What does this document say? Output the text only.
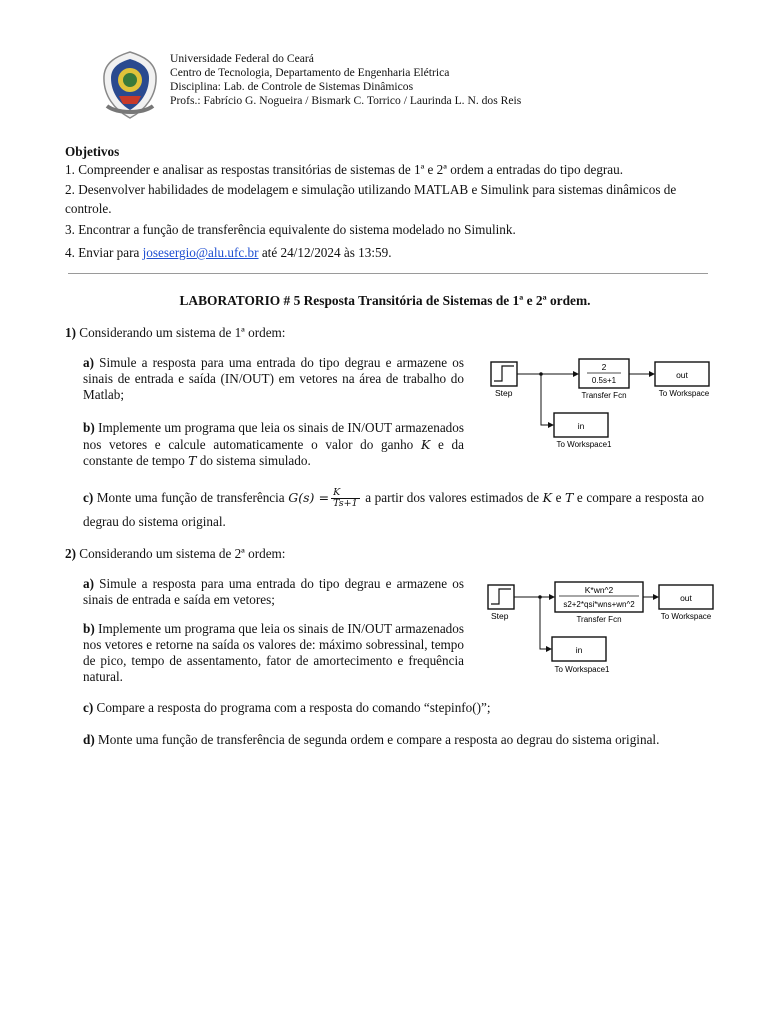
Universidade Federal do Ceará
Centro de Tecnologia, Departamento de Engenharia Elétrica
Disciplina: Lab. de Controle de Sistemas Dinâmicos
Profs.: Fabrício G. Nogueira / Bismark C. Torrico / Laurinda L. N. dos Reis
Objetivos
1. Compreender e analisar as respostas transitórias de sistemas de 1ª e 2ª ordem a entradas do tipo degrau.
2. Desenvolver habilidades de modelagem e simulação utilizando MATLAB e Simulink para sistemas dinâmicos de controle.
3. Encontrar a função de transferência equivalente do sistema modelado no Simulink.
4. Enviar para josesergio@alu.ufc.br até 24/12/2024 às 13:59.
LABORATORIO # 5 Resposta Transitória de Sistemas de 1ª e 2ª ordem.
1) Considerando um sistema de 1ª ordem:
a) Simule a resposta para uma entrada do tipo degrau e armazene os sinais de entrada e saída (IN/OUT) em vetores na área de trabalho do Matlab;
b) Implemente um programa que leia os sinais de IN/OUT armazenados nos vetores e calcule automaticamente o valor do ganho K e da constante de tempo T do sistema simulado.
c) Monte uma função de transferência $G(s) = \frac{K}{Ts+1}$ a partir dos valores estimados de K e T e compare a resposta ao degrau do sistema original.
Step
2
0.5s+1
Transfer Fcn
out
To Workspace
in
To Workspace1
2) Considerando um sistema de 2ª ordem:
a) Simule a resposta para uma entrada do tipo degrau e armazene os sinais de entrada e saída em vetores;
b) Implemente um programa que leia os sinais de IN/OUT armazenados nos vetores e retorne na saída os valores de: máximo sobressinal, tempo de pico, tempo de assentamento, fator de amortecimento e frequência natural.
c) Compare a resposta do programa com a resposta do comando “stepinfo()”;
d) Monte uma função de transferência de segunda ordem e compare a resposta ao degrau do sistema original.
Step
K*wn^2
s2+2*qsi*wns+wn^2
Transfer Fcn
out
To Workspace
in
To Workspace1
